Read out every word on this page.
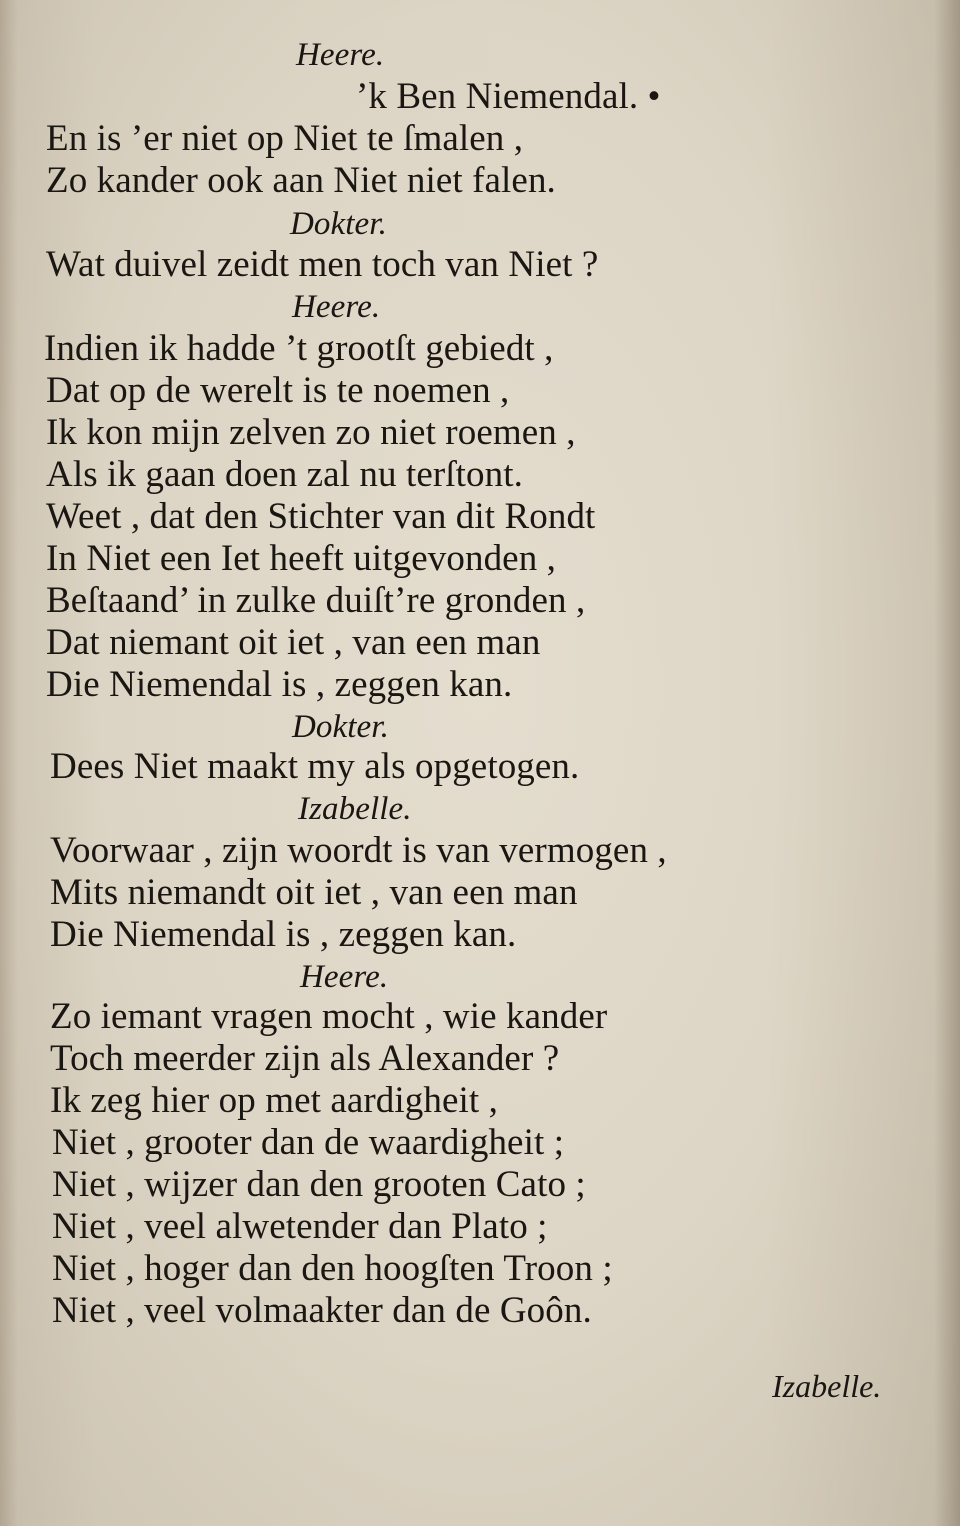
Heere.
’k Ben Niemendal. •
En is ’er niet op Niet te ſmalen ,
Zo kander ook aan Niet niet falen.
Dokter.
Wat duivel zeidt men toch van Niet ?
Heere.
Indien ik hadde ’t grootſt gebiedt ,
Dat op de werelt is te noemen ,
Ik kon mijn zelven zo niet roemen ,
Als ik gaan doen zal nu terſtont.
Weet , dat den Stichter van dit Rondt
In Niet een Iet heeft uitgevonden ,
Beſtaand’ in zulke duiſt’re gronden ,
Dat niemant oit iet , van een man
Die Niemendal is , zeggen kan.
Dokter.
Dees Niet maakt my als opgetogen.
Izabelle.
Voorwaar , zijn woordt is van vermogen ,
Mits niemandt oit iet , van een man
Die Niemendal is , zeggen kan.
Heere.
Zo iemant vragen mocht , wie kander
Toch meerder zijn als Alexander ?
Ik zeg hier op met aardigheit ,
Niet , grooter dan de waardigheit ;
Niet , wijzer dan den grooten Cato ;
Niet , veel alwetender dan Plato ;
Niet , hoger dan den hoogſten Troon ;
Niet , veel volmaakter dan de Goôn.
Izabelle.
